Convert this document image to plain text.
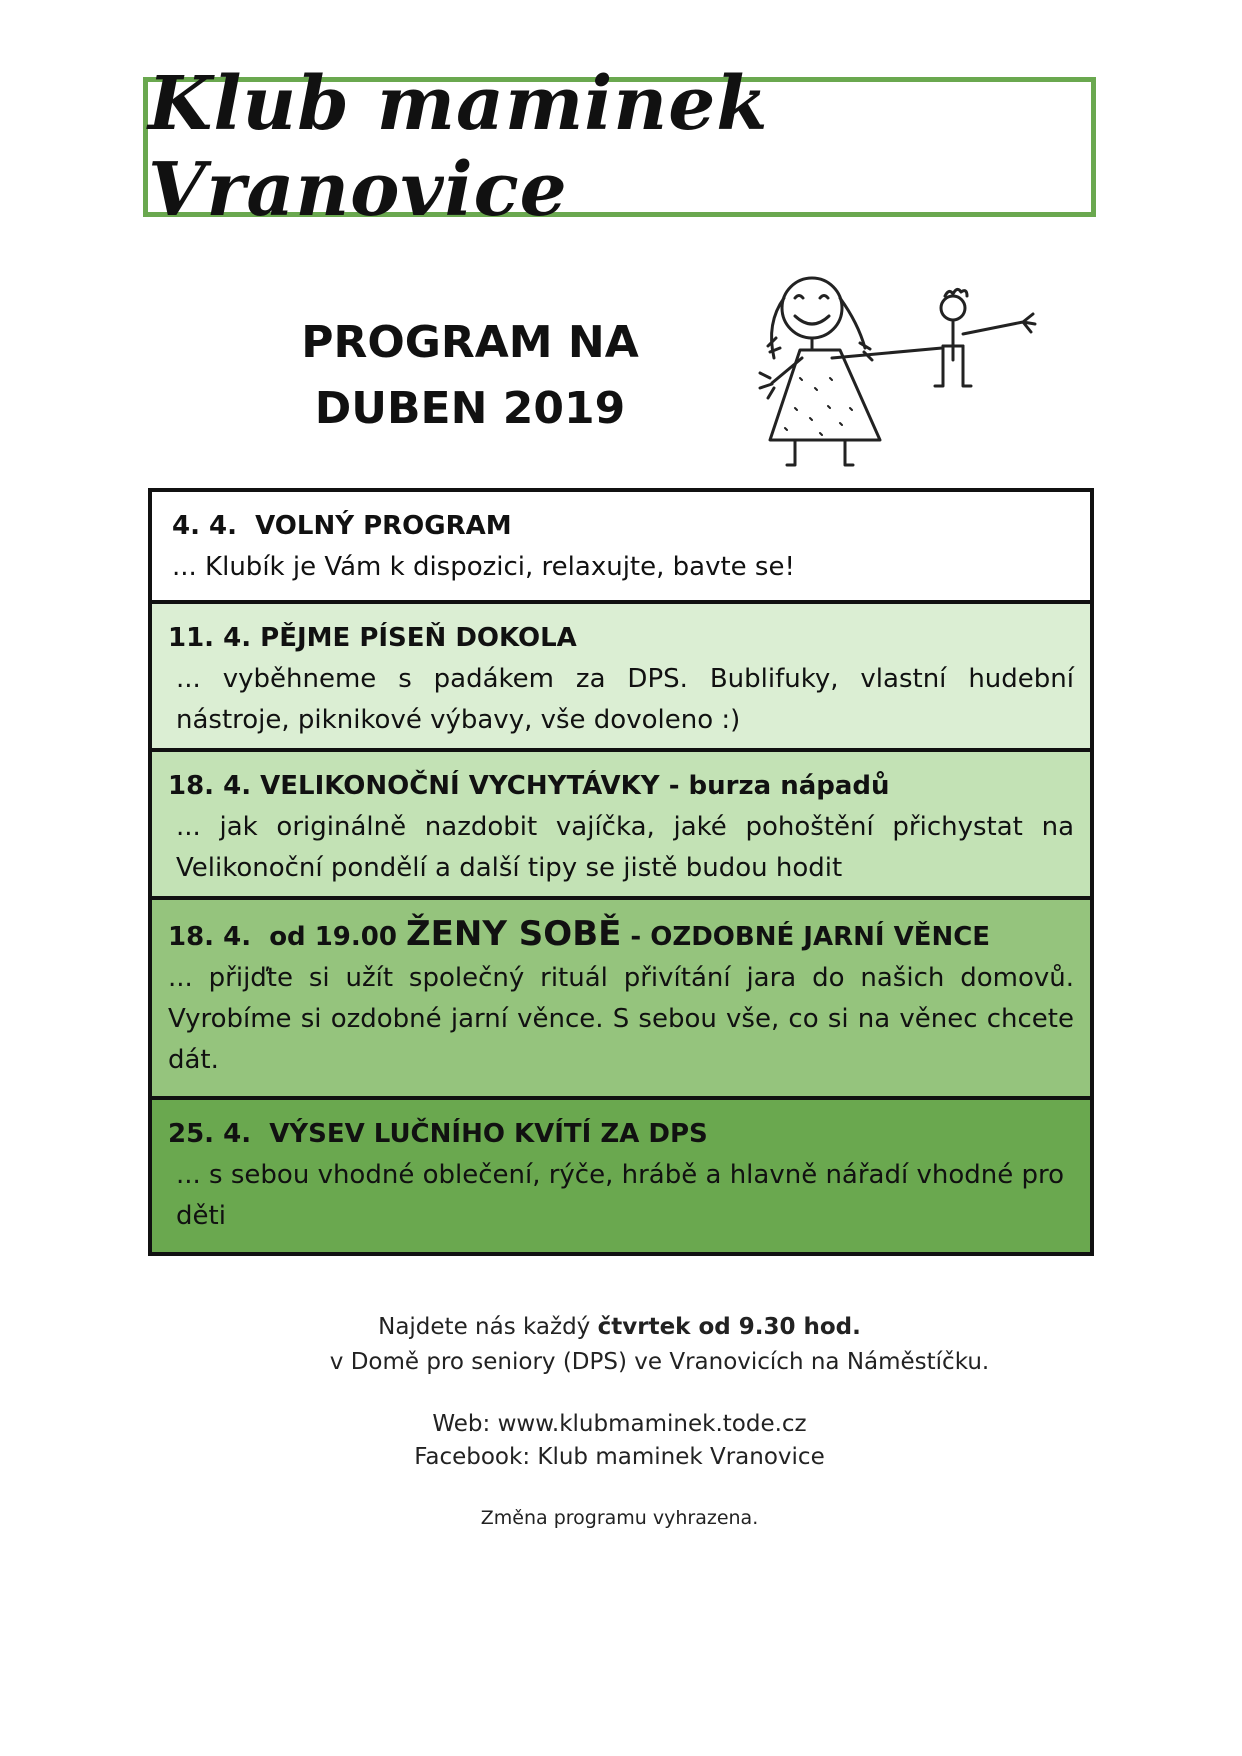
Klub maminek Vranovice
PROGRAM NA
DUBEN 2019
4. 4. VOLNÝ PROGRAM
... Klubík je Vám k dispozici, relaxujte, bavte se!
11. 4. PĚJME PÍSEŇ DOKOLA
... vyběhneme s padákem za DPS. Bublifuky, vlastní hudební nástroje, piknikové výbavy, vše dovoleno :)
18. 4. VELIKONOČNÍ VYCHYTÁVKY - burza nápadů
... jak originálně nazdobit vajíčka, jaké pohoštění přichystat na Velikonoční pondělí a další tipy se jistě budou hodit
18. 4. od 19.00 ŽENY SOBĚ - OZDOBNÉ JARNÍ VĚNCE
... přijďte si užít společný rituál přivítání jara do našich domovů. Vyrobíme si ozdobné jarní věnce. S sebou vše, co si na věnec chcete dát.
25. 4. VÝSEV LUČNÍHO KVÍTÍ ZA DPS
... s sebou vhodné oblečení, rýče, hrábě a hlavně nářadí vhodné pro děti
Najdete nás každý čtvrtek od 9.30 hod.
v Domě pro seniory (DPS) ve Vranovicích na Náměstíčku.
Web: www.klubmaminek.tode.cz
Facebook: Klub maminek Vranovice
Změna programu vyhrazena.
